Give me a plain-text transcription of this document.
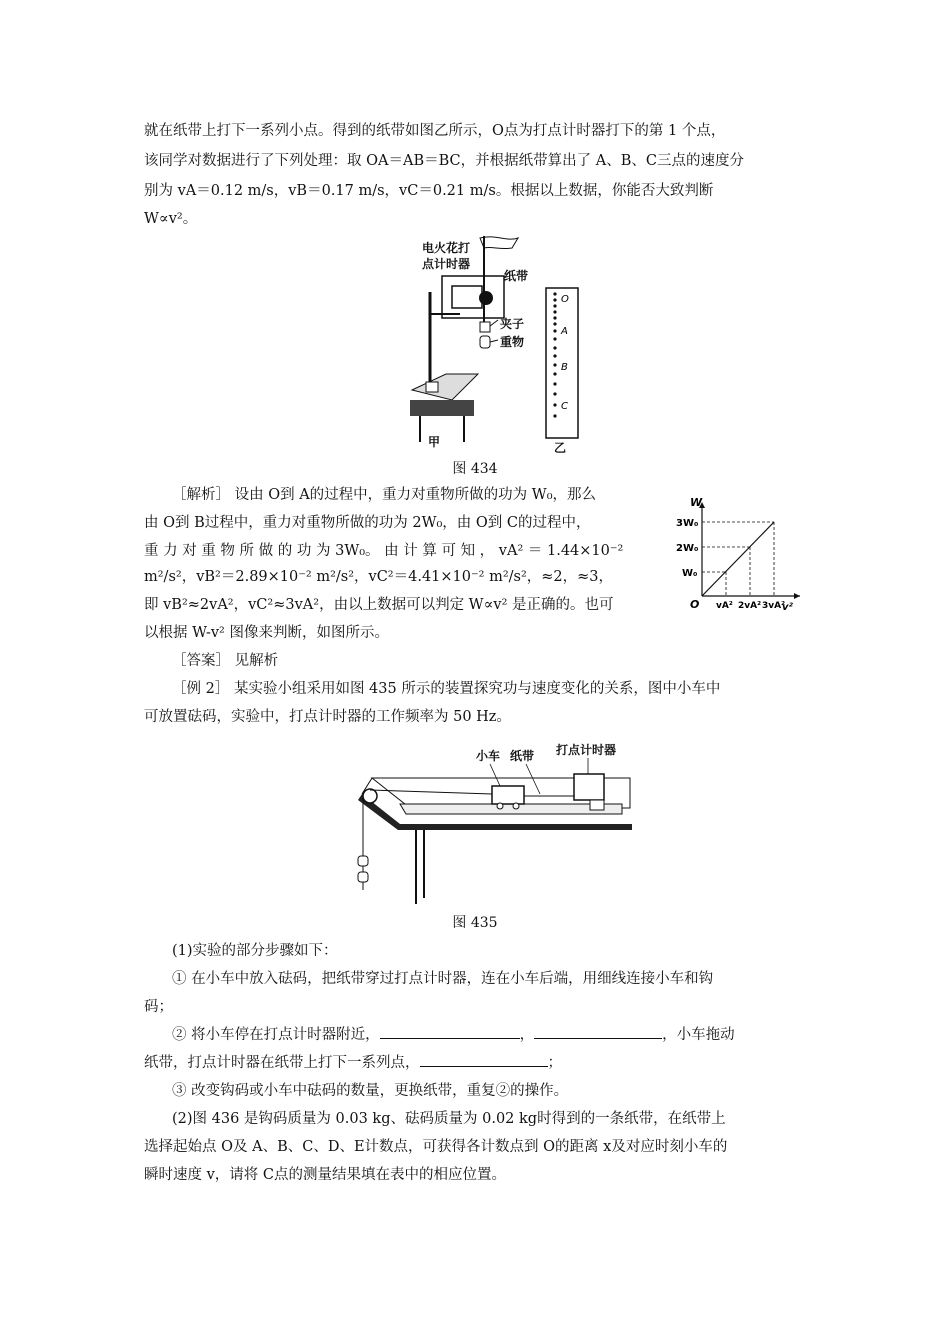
就在纸带上打下一系列小点。得到的纸带如图乙所示，O点为打点计时器打下的第 1 个点，
该同学对数据进行了下列处理：取 OA＝AB＝BC，并根据纸带算出了 A、B、C三点的速度分
别为 vA＝0.12 m/s，vB＝0.17 m/s，vC＝0.21 m/s。根据以上数据，你能否大致判断
W∝v²。
电火花打
点计时器
纸带
夹子
重物
甲
O
A
B
C
乙
图 434
［解析］ 设由 O到 A的过程中，重力对重物所做的功为 W₀，那么
由 O到 B过程中，重力对重物所做的功为 2W₀，由 O到 C的过程中，
重 力 对 重 物 所 做 的 功 为 3W₀。 由 计 算 可 知 ， vA² ＝ 1.44×10⁻²
m²/s²，vB²＝2.89×10⁻² m²/s²，vC²＝4.41×10⁻² m²/s²，≈2，≈3，
即 vB²≈2vA²，vC²≈3vA²，由以上数据可以判定 W∝v² 是正确的。也可
以根据 W-v² 图像来判断，如图所示。
W
v²
O
3W₀
2W₀
W₀
vA² 2vA² 3vA²
［答案］ 见解析
［例 2］ 某实验小组采用如图 435 所示的装置探究功与速度变化的关系，图中小车中
可放置砝码，实验中，打点计时器的工作频率为 50 Hz。
小车 纸带 打点计时器
图 435
(1)实验的部分步骤如下：
① 在小车中放入砝码，把纸带穿过打点计时器，连在小车后端，用细线连接小车和钩
码；
② 将小车停在打点计时器附近，	，	，小车拖动
纸带，打点计时器在纸带上打下一系列点，	；
③ 改变钩码或小车中砝码的数量，更换纸带，重复②的操作。
(2)图 436 是钩码质量为 0.03 kg、砝码质量为 0.02 kg时得到的一条纸带，在纸带上
选择起始点 O及 A、B、C、D、E计数点，可获得各计数点到 O的距离 x及对应时刻小车的
瞬时速度 v，请将 C点的测量结果填在表中的相应位置。
